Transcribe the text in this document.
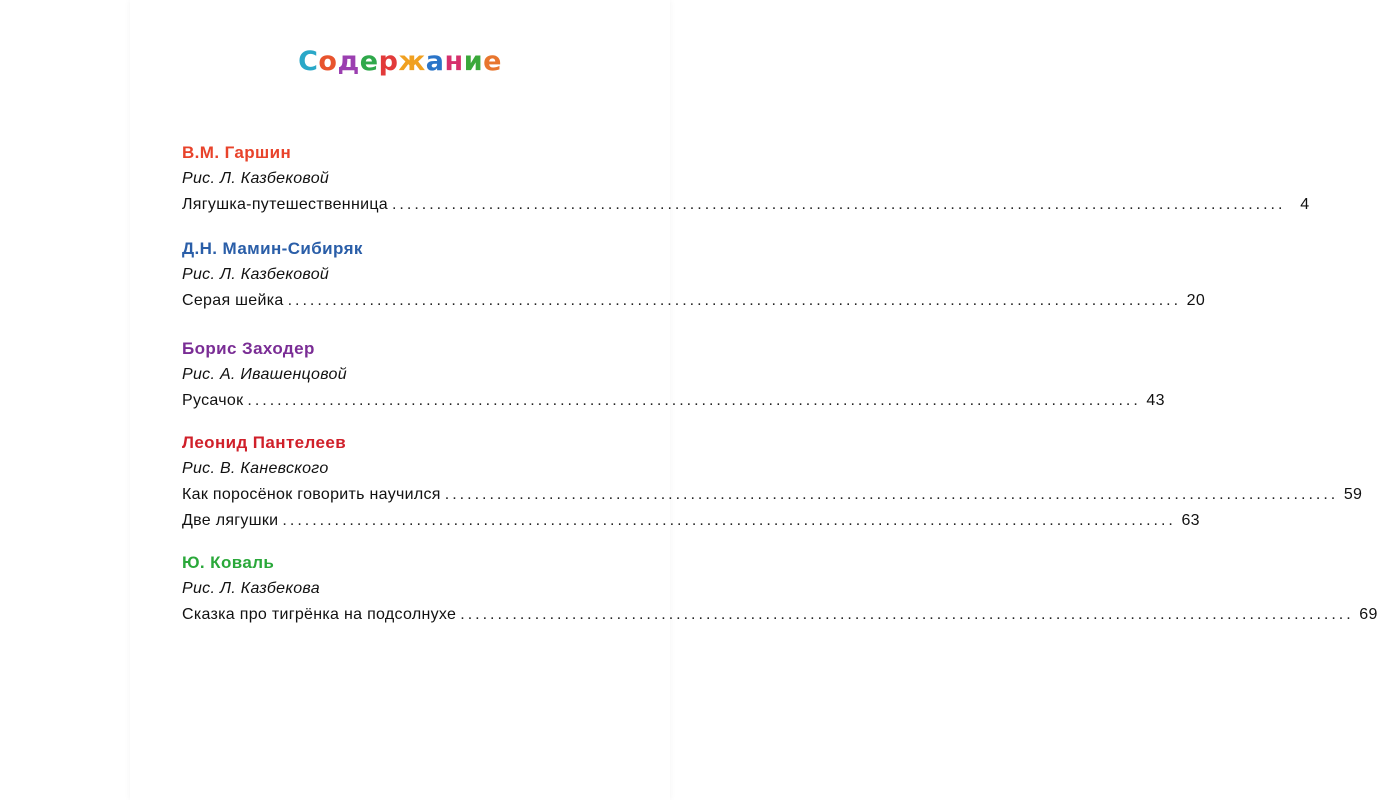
Содержание
В.М. Гаршин
Рис. Л. Казбековой
Лягушка-путешественница ........................................................................................................................ 4
Д.Н. Мамин-Сибиряк
Рис. Л. Казбековой
Серая шейка ........................................................................................................................ 20
Борис Заходер
Рис. А. Ивашенцовой
Русачок ........................................................................................................................ 43
Леонид Пантелеев
Рис. В. Каневского
Как поросёнок говорить научился ........................................................................................................................ 59
Две лягушки ........................................................................................................................ 63
Ю. Коваль
Рис. Л. Казбекова
Сказка про тигрёнка на подсолнухе ........................................................................................................................ 69
